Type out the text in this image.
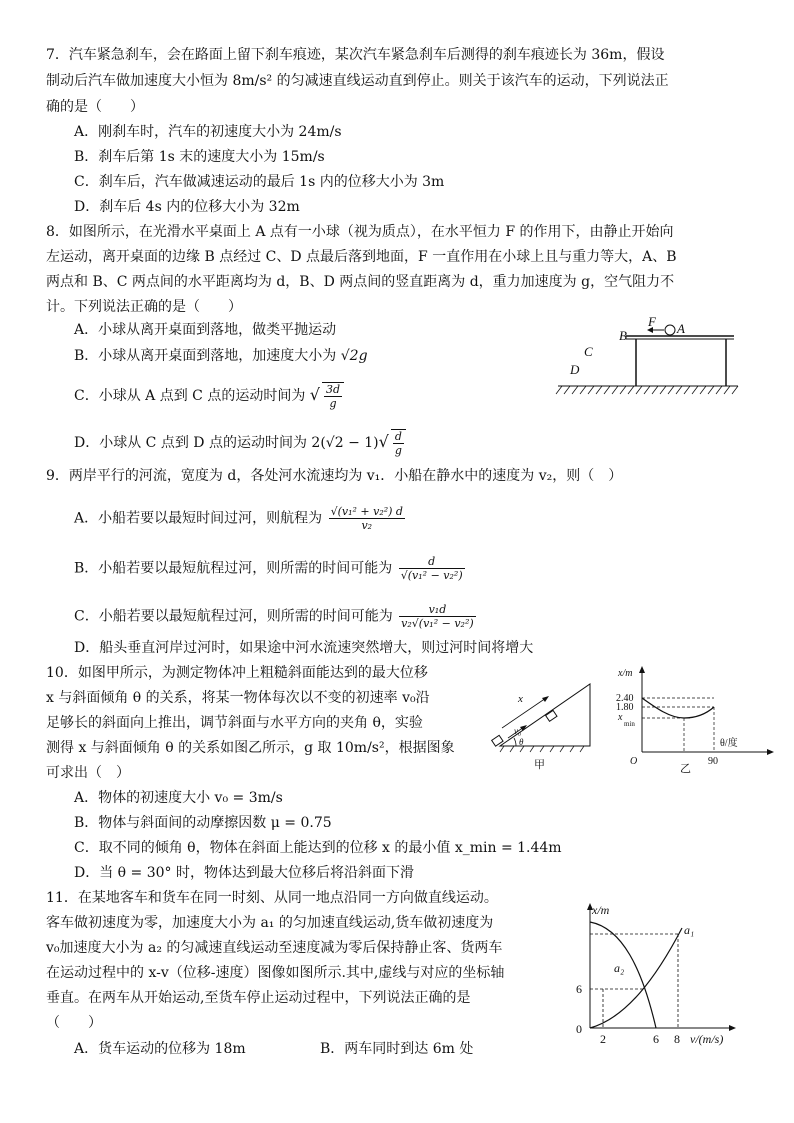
7．汽车紧急刹车，会在路面上留下刹车痕迹，某次汽车紧急刹车后测得的刹车痕迹长为 36m，假设
制动后汽车做加速度大小恒为 8m/s² 的匀减速直线运动直到停止。则关于该汽车的运动，下列说法正
确的是（　　）
A．刚刹车时，汽车的初速度大小为 24m/s
B．刹车后第 1s 末的速度大小为 15m/s
C．刹车后，汽车做减速运动的最后 1s 内的位移大小为 3m
D．刹车后 4s 内的位移大小为 32m
8．如图所示，在光滑水平桌面上 A 点有一小球（视为质点），在水平恒力 F 的作用下，由静止开始向
左运动，离开桌面的边缘 B 点经过 C、D 点最后落到地面，F 一直作用在小球上且与重力等大，A、B
两点和 B、C 两点间的水平距离均为 d，B、D 两点间的竖直距离为 d，重力加速度为 g，空气阻力不
计。下列说法正确的是（　　）
A．小球从离开桌面到落地，做类平抛运动
B．小球从离开桌面到落地，加速度大小为 √2g
C．小球从 A 点到 C 点的运动时间为 √ $\frac{3d}{g}$
D．小球从 C 点到 D 点的运动时间为 $2(√2 - 1)√ \frac{d}{g}$
F A
B
C
D
9．两岸平行的河流，宽度为 d，各处河水流速均为 v₁．小船在静水中的速度为 v₂，则（　）
A．小船若要以最短时间过河，则航程为 $\frac{\text{√(v₁² + v₂²) d}}{\text{v₂}}$
B．小船若要以最短航程过河，则所需的时间可能为 $\frac{d}{\text{√(v₁² − v₂²)}}$
C．小船若要以最短航程过河，则所需的时间可能为 $\frac{\text{v₁d}}{\text{v₂√(v₁² − v₂²)}}$
D．船头垂直河岸过河时，如果途中河水流速突然增大，则过河时间将增大
10．如图甲所示，为测定物体冲上粗糙斜面能达到的最大位移
x 与斜面倾角 θ 的关系，将某一物体每次以不变的初速率 v₀沿
足够长的斜面向上推出，调节斜面与水平方向的夹角 θ，实验
测得 x 与斜面倾角 θ 的关系如图乙所示，g 取 10m/s²，根据图象
可求出（　）
A．物体的初速度大小 v₀ = 3m/s
B．物体与斜面间的动摩擦因数 μ = 0.75
C．取不同的倾角 θ，物体在斜面上能达到的位移 x 的最小值 x_min = 1.44m
D．当 θ = 30° 时，物体达到最大位移后将沿斜面下滑
x
v₀
θ
甲
x/m
2.40
1.80
x
min
θ/度
O	90
乙
11．在某地客车和货车在同一时刻、从同一地点沿同一方向做直线运动。
客车做初速度为零，加速度大小为 a₁ 的匀加速直线运动,货车做初速度为
v₀加速度大小为 a₂ 的匀减速直线运动至速度减为零后保持静止客、货两车
在运动过程中的 x-v（位移-速度）图像如图所示.其中,虚线与对应的坐标轴
垂直。在两车从开始运动,至货车停止运动过程中，下列说法正确的是
（　　）
A．货车运动的位移为 18m	B．两车同时到达 6m 处
a₁
a₂
x/m
6
0
2	6 8 v/(m/s)
